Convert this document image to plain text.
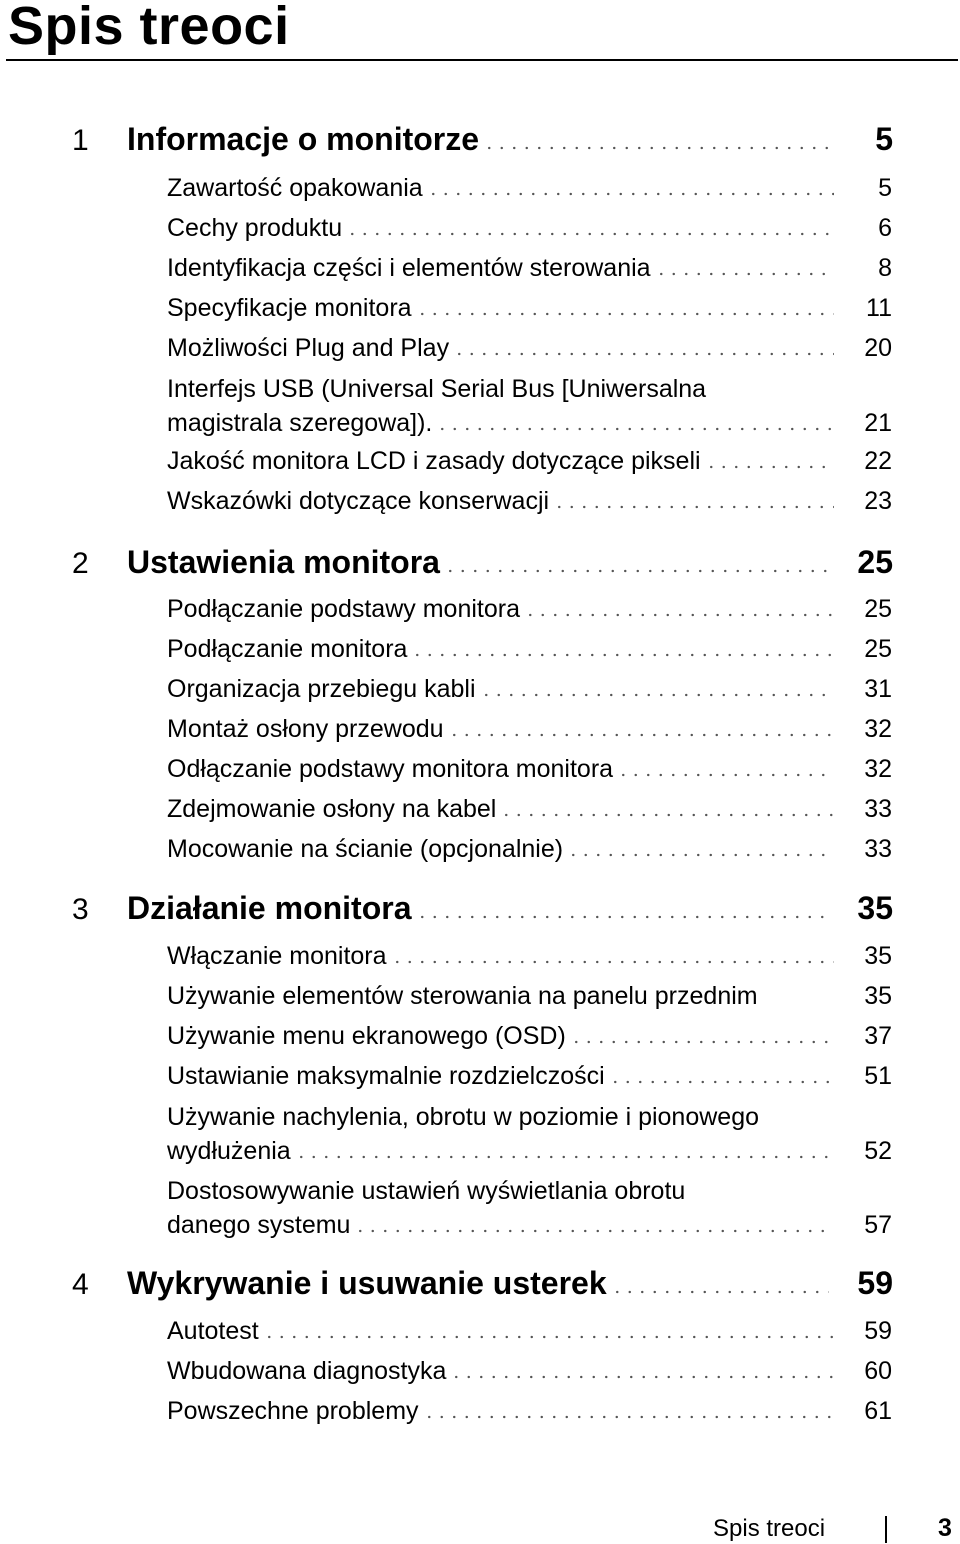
Spis treoci
1	Informacje o monitorze	5
Zawartość opakowania	5
Cechy produktu	6
Identyfikacja części i elementów sterowania	8
Specyfikacje monitora	11
Możliwości Plug and Play	20
Interfejs USB (Universal Serial Bus [Uniwersalna
magistrala szeregowa]).	21
Jakość monitora LCD i zasady dotyczące pikseli	22
Wskazówki dotyczące konserwacji	23
2	Ustawienia monitora	25
Podłączanie podstawy monitora	25
Podłączanie monitora	25
Organizacja przebiegu kabli	31
Montaż osłony przewodu	32
Odłączanie podstawy monitora monitora	32
Zdejmowanie osłony na kabel	33
Mocowanie na ścianie (opcjonalnie)	33
3	Działanie monitora	35
Włączanie monitora	35
Używanie elementów sterowania na panelu przednim	35
Używanie menu ekranowego (OSD)	37
Ustawianie maksymalnie rozdzielczości	51
Używanie nachylenia, obrotu w poziomie i pionowego
wydłużenia	52
Dostosowywanie ustawień wyświetlania obrotu
danego systemu	57
4	Wykrywanie i usuwanie usterek	59
Autotest	59
Wbudowana diagnostyka	60
Powszechne problemy	61
Spis treoci	3
